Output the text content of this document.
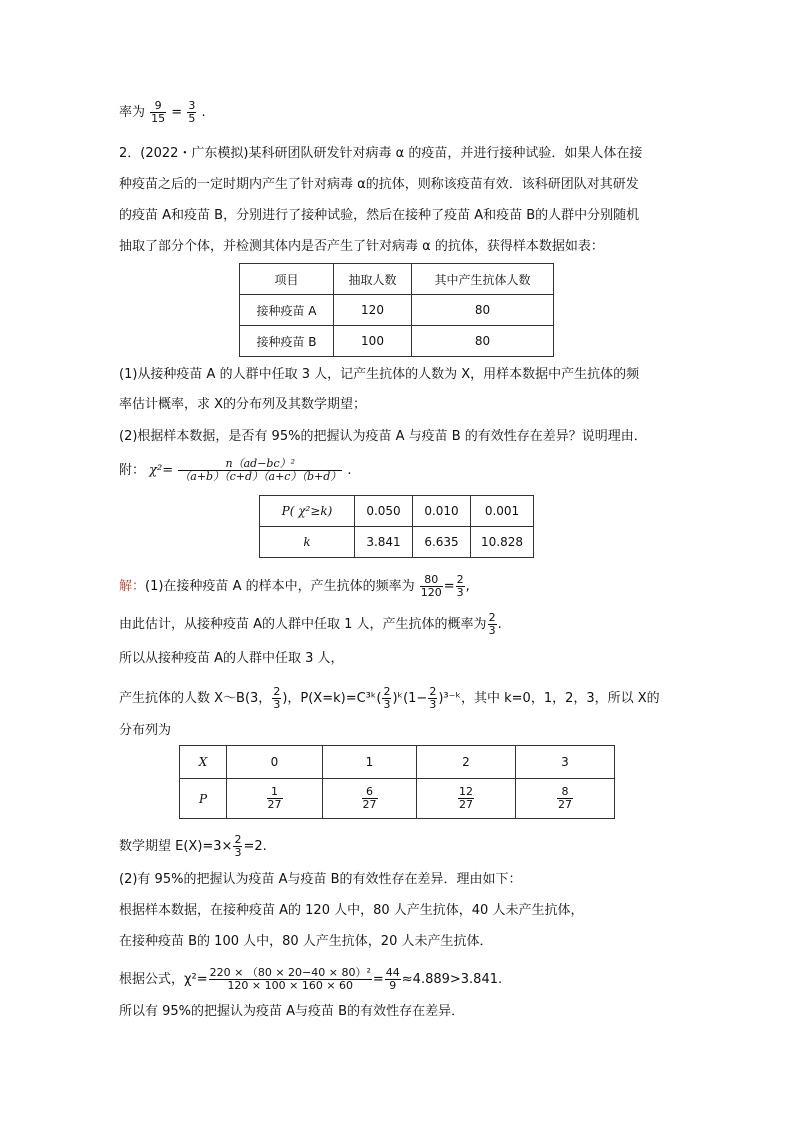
率为 $\frac{9}{15} = \frac{3}{5}$ .
2．(2022・广东模拟)某科研团队研发针对病毒 α 的疫苗，并进行接种试验．如果人体在接
种疫苗之后的一定时期内产生了针对病毒 α的抗体，则称该疫苗有效．该科研团队对其研发
的疫苗 A和疫苗 B，分别进行了接种试验，然后在接种了疫苗 A和疫苗 B的人群中分别随机
抽取了部分个体，并检测其体内是否产生了针对病毒 α 的抗体，获得样本数据如表：
项目	抽取人数	其中产生抗体人数
接种疫苗 A	120	80
接种疫苗 B	100	80
(1)从接种疫苗 A 的人群中任取 3 人，记产生抗体的人数为 X，用样本数据中产生抗体的频
率估计概率，求 X的分布列及其数学期望；
(2)根据样本数据，是否有 95%的把握认为疫苗 A 与疫苗 B 的有效性存在差异？说明理由．
附： $\chi^2= \frac{\text{n（ad−bc）²}}{(a+b)(c+d)(a+c)(b+d)}$ .
P( χ²≥k)	0.050	0.010	0.001
k	3.841	6.635	10.828
解：(1)在接种疫苗 A 的样本中，产生抗体的频率为 $\frac{80}{120} = \frac{2}{3}$ ,
由此估计，从接种疫苗 A的人群中任取 1 人，产生抗体的概率为 $\frac{2}{3}$ .
所以从接种疫苗 A的人群中任取 3 人，
产生抗体的人数 X～B(3， $\frac{2}{3}$ )，P(X=k)=C³ᵏ( $\frac{2}{3}$ )ᵏ(1− $\frac{2}{3}$ )³⁻ᵏ，其中 k=0，1，2，3，所以 X的
分布列为
X	0	1	2	3
P	$\frac{1}{27}$	$\frac{6}{27}$	$\frac{12}{27}$	$\frac{8}{27}$
数学期望 $E(X)=3\times \frac{2}{3} =2$.
(2)有 95%的把握认为疫苗 A与疫苗 B的有效性存在差异．理由如下：
根据样本数据，在接种疫苗 A的 120 人中，80 人产生抗体，40 人未产生抗体，
在接种疫苗 B的 100 人中，80 人产生抗体，20 人未产生抗体．
根据公式，$\chi^2= \frac{\text{220 × （80 × 20−40 × 80）²}}{120 \times 100 \times 160 \times 60} = \frac{44}{9} \approx 4.889>3.841$.
所以有 95%的把握认为疫苗 A与疫苗 B的有效性存在差异．
